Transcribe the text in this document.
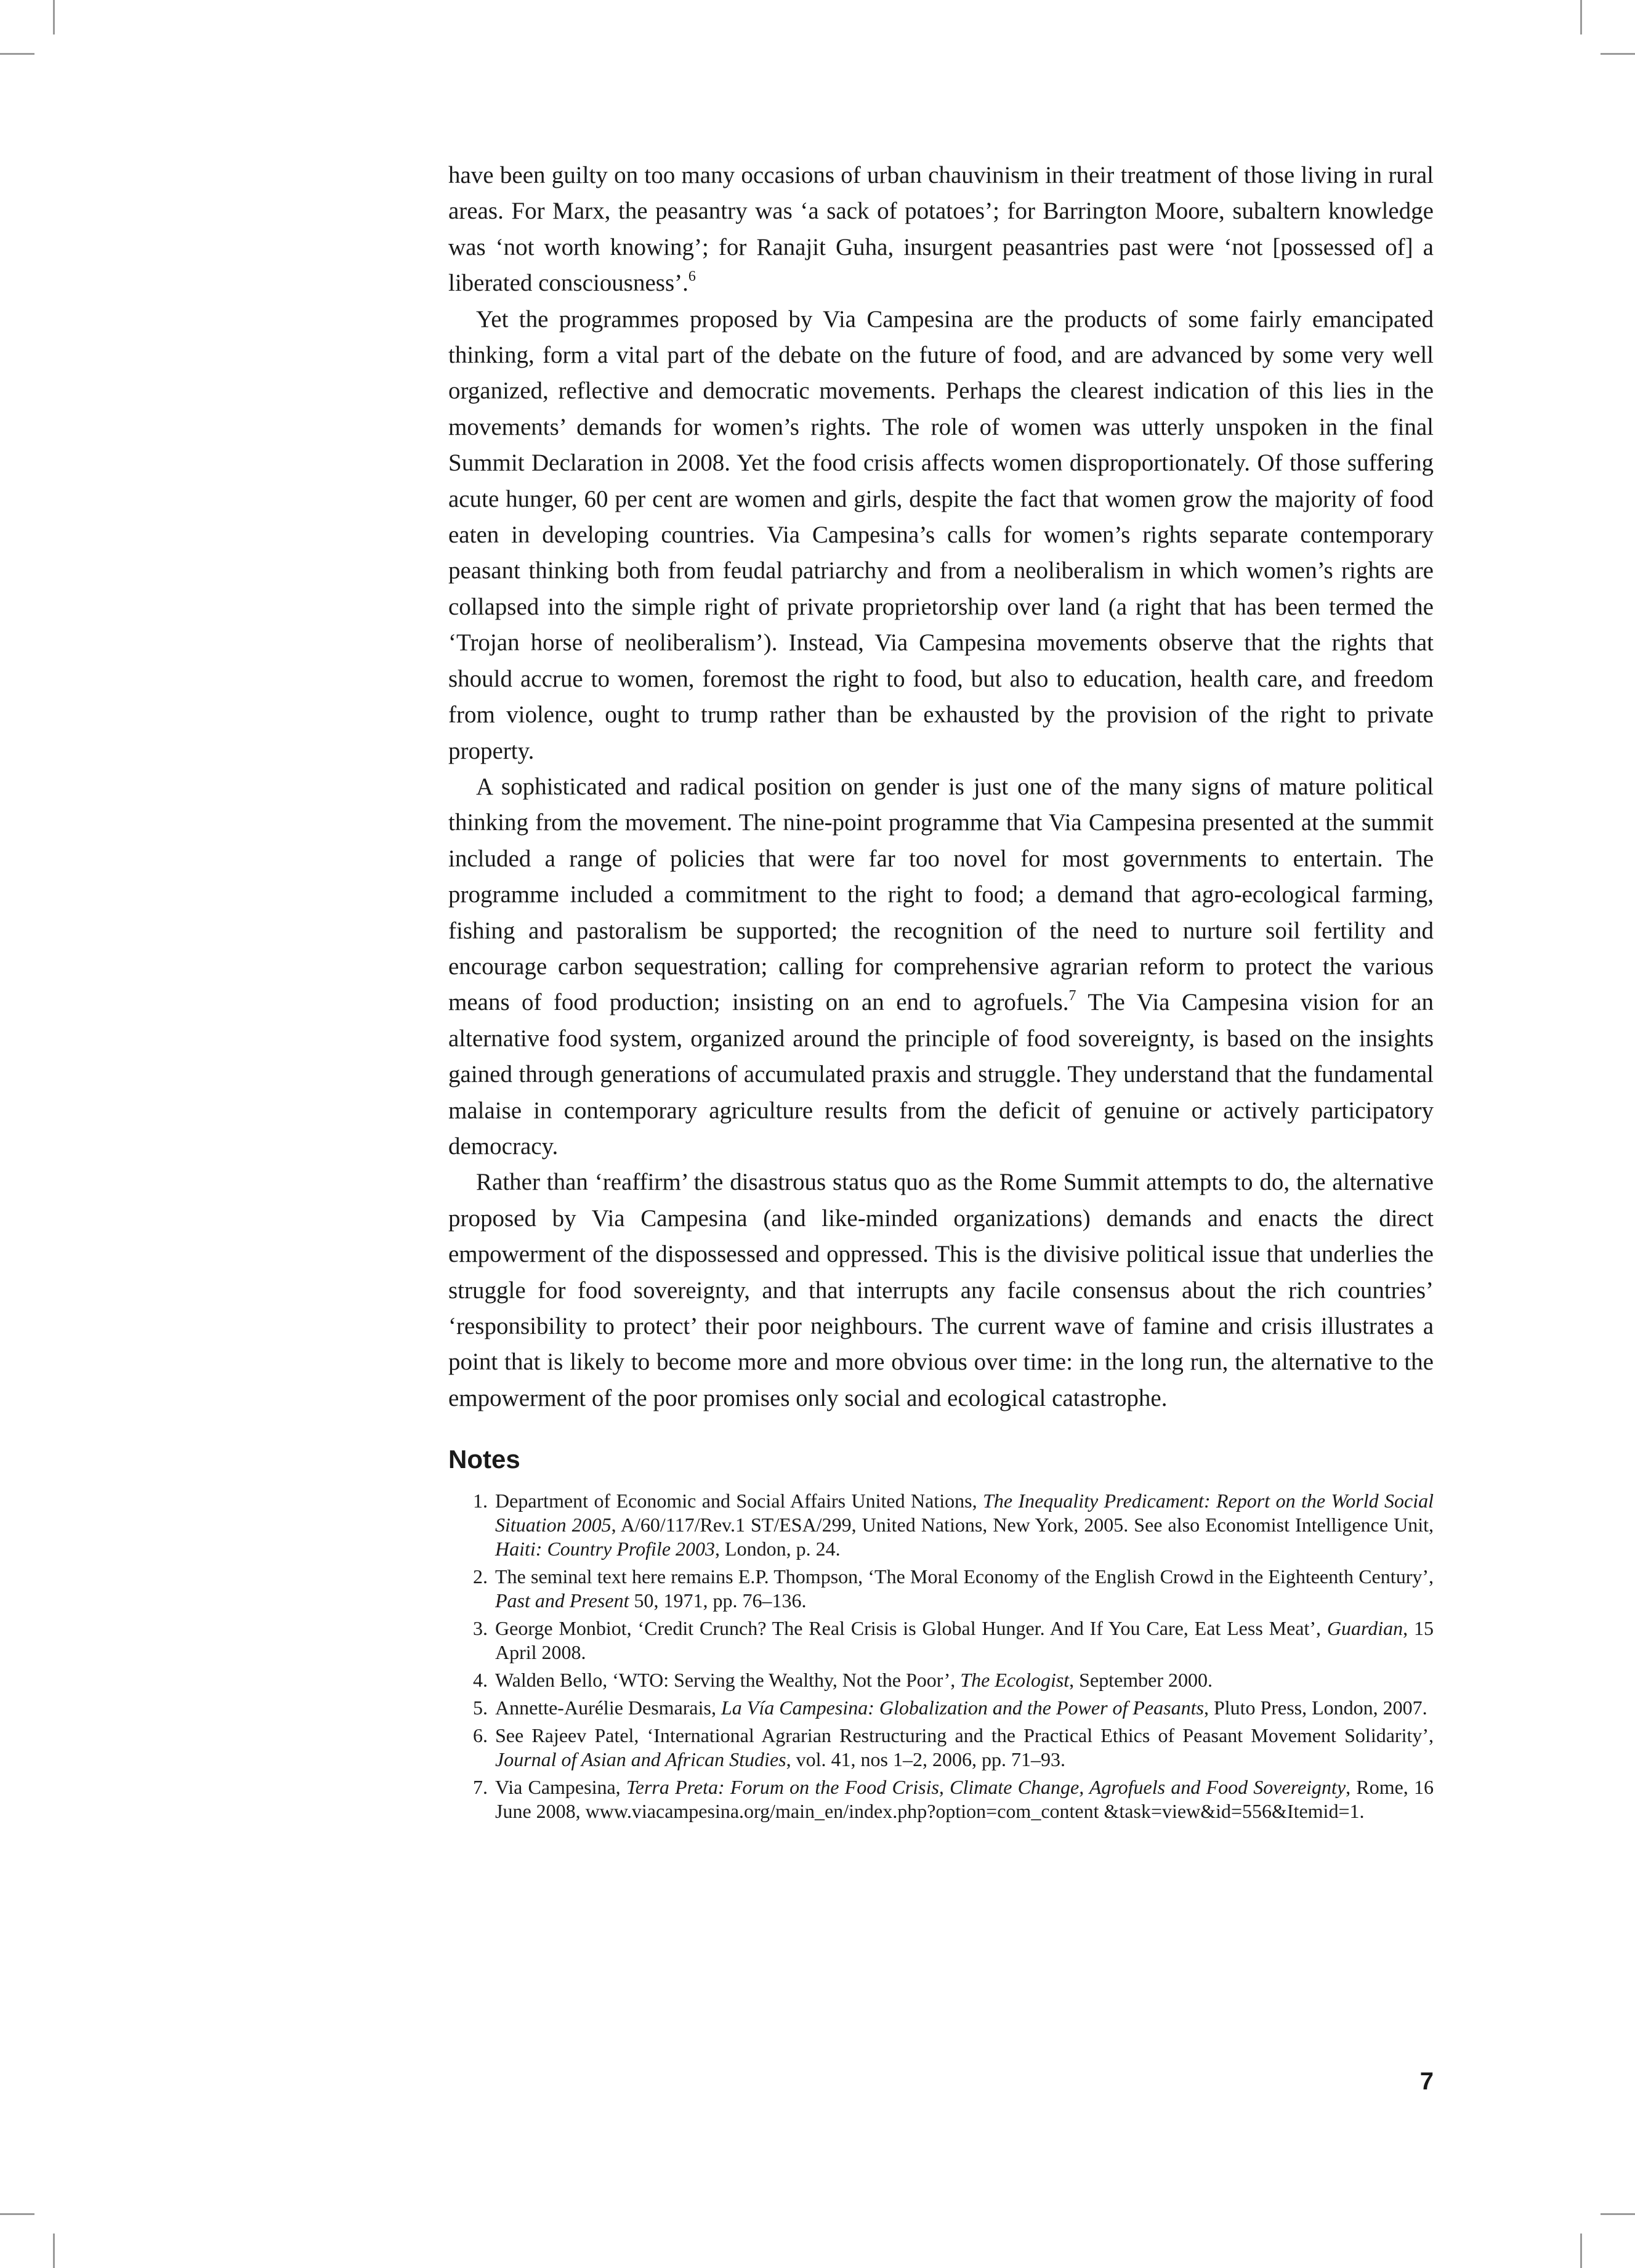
have been guilty on too many occasions of urban chauvinism in their treatment of those living in rural areas. For Marx, the peasantry was ‘a sack of potatoes’; for Barrington Moore, subaltern knowledge was ‘not worth knowing’; for Ranajit Guha, insurgent peasantries past were ‘not [possessed of] a liberated consciousness’.$^6$

Yet the programmes proposed by Via Campesina are the products of some fairly emancipated thinking, form a vital part of the debate on the future of food, and are advanced by some very well organized, reflective and democratic movements. Perhaps the clearest indication of this lies in the movements’ demands for women’s rights. The role of women was utterly unspoken in the final Summit Declaration in 2008. Yet the food crisis affects women disproportionately. Of those suffering acute hunger, 60 per cent are women and girls, despite the fact that women grow the majority of food eaten in developing countries. Via Campesina’s calls for women’s rights separate contemporary peasant thinking both from feudal patriarchy and from a neoliberalism in which women’s rights are collapsed into the simple right of private proprietorship over land (a right that has been termed the ‘Trojan horse of neoliberalism’). Instead, Via Campesina movements observe that the rights that should accrue to women, foremost the right to food, but also to education, health care, and freedom from violence, ought to trump rather than be exhausted by the provision of the right to private property.

A sophisticated and radical position on gender is just one of the many signs of mature political thinking from the movement. The nine-point programme that Via Campesina presented at the summit included a range of policies that were far too novel for most governments to entertain. The programme included a commitment to the right to food; a demand that agro-ecological farming, fishing and pastoralism be supported; the recognition of the need to nurture soil fertility and encourage carbon sequestration; calling for comprehensive agrarian reform to protect the various means of food production; insisting on an end to agrofuels.$^7$ The Via Campesina vision for an alternative food system, organized around the principle of food sovereignty, is based on the insights gained through generations of accumulated praxis and struggle. They understand that the fundamental malaise in contemporary agriculture results from the deficit of genuine or actively participatory democracy.

Rather than ‘reaffirm’ the disastrous status quo as the Rome Summit attempts to do, the alternative proposed by Via Campesina (and like-minded organizations) demands and enacts the direct empowerment of the dispossessed and oppressed. This is the divisive political issue that underlies the struggle for food sovereignty, and that interrupts any facile consensus about the rich countries’ ‘responsibility to protect’ their poor neighbours. The current wave of famine and crisis illustrates a point that is likely to become more and more obvious over time: in the long run, the alternative to the empowerment of the poor promises only social and ecological catastrophe.

Notes
1. Department of Economic and Social Affairs United Nations, The Inequality Predicament: Report on the World Social Situation 2005, A/60/117/Rev.1 ST/ESA/299, United Nations, New York, 2005. See also Economist Intelligence Unit, Haiti: Country Profile 2003, London, p. 24.
2. The seminal text here remains E.P. Thompson, ‘The Moral Economy of the English Crowd in the Eighteenth Century’, Past and Present 50, 1971, pp. 76–136.
3. George Monbiot, ‘Credit Crunch? The Real Crisis is Global Hunger. And If You Care, Eat Less Meat’, Guardian, 15 April 2008.
4. Walden Bello, ‘WTO: Serving the Wealthy, Not the Poor’, The Ecologist, September 2000.
5. Annette-Aurélie Desmarais, La Vía Campesina: Globalization and the Power of Peasants, Pluto Press, London, 2007.
6. See Rajeev Patel, ‘International Agrarian Restructuring and the Practical Ethics of Peasant Movement Solidarity’, Journal of Asian and African Studies, vol. 41, nos 1–2, 2006, pp. 71–93.
7. Via Campesina, Terra Preta: Forum on the Food Crisis, Climate Change, Agrofuels and Food Sovereignty, Rome, 16 June 2008, www.viacampesina.org/main_en/index.php?option=com_content &task=view&id=556&Itemid=1.
7
